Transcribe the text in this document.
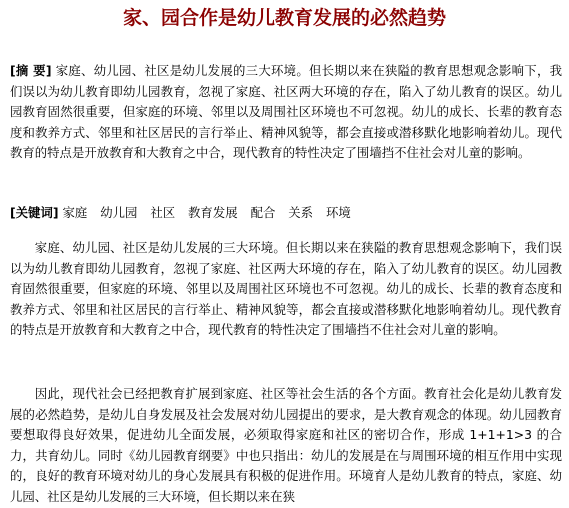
家、园合作是幼儿教育发展的必然趋势
[摘 要] 家庭、幼儿园、社区是幼儿发展的三大环境。但长期以来在狭隘的教育思想观念影响下，我们误以为幼儿教育即幼儿园教育，忽视了家庭、社区两大环境的存在，陷入了幼儿教育的误区。幼儿园教育固然很重要，但家庭的环境、邻里以及周围社区环境也不可忽视。幼儿的成长、长辈的教育态度和教养方式、邻里和社区居民的言行举止、精神风貌等，都会直接或潜移默化地影响着幼儿。现代教育的特点是开放教育和大教育之中合，现代教育的特性决定了围墙挡不住社会对儿童的影响。
[关键词] 家庭 幼儿园 社区 教育发展 配合 关系 环境
家庭、幼儿园、社区是幼儿发展的三大环境。但长期以来在狭隘的教育思想观念影响下，我们误以为幼儿教育即幼儿园教育，忽视了家庭、社区两大环境的存在，陷入了幼儿教育的误区。幼儿园教育固然很重要，但家庭的环境、邻里以及周围社区环境也不可忽视。幼儿的成长、长辈的教育态度和教养方式、邻里和社区居民的言行举止、精神风貌等，都会直接或潜移默化地影响着幼儿。现代教育的特点是开放教育和大教育之中合，现代教育的特性决定了围墙挡不住社会对儿童的影响。
因此，现代社会已经把教育扩展到家庭、社区等社会生活的各个方面。教育社会化是幼儿教育发展的必然趋势，是幼儿自身发展及社会发展对幼儿园提出的要求，是大教育观念的体现。幼儿园教育要想取得良好效果，促进幼儿全面发展，必须取得家庭和社区的密切合作，形成 1+1+1>3 的合力，共育幼儿。同时《幼儿园教育纲要》中也只指出：幼儿的发展是在与周围环境的相互作用中实现的，良好的教育环境对幼儿的身心发展具有积极的促进作用。环境育人是幼儿教育的特点，家庭、幼儿园、社区是幼儿发展的三大环境，但长期以来在狭
